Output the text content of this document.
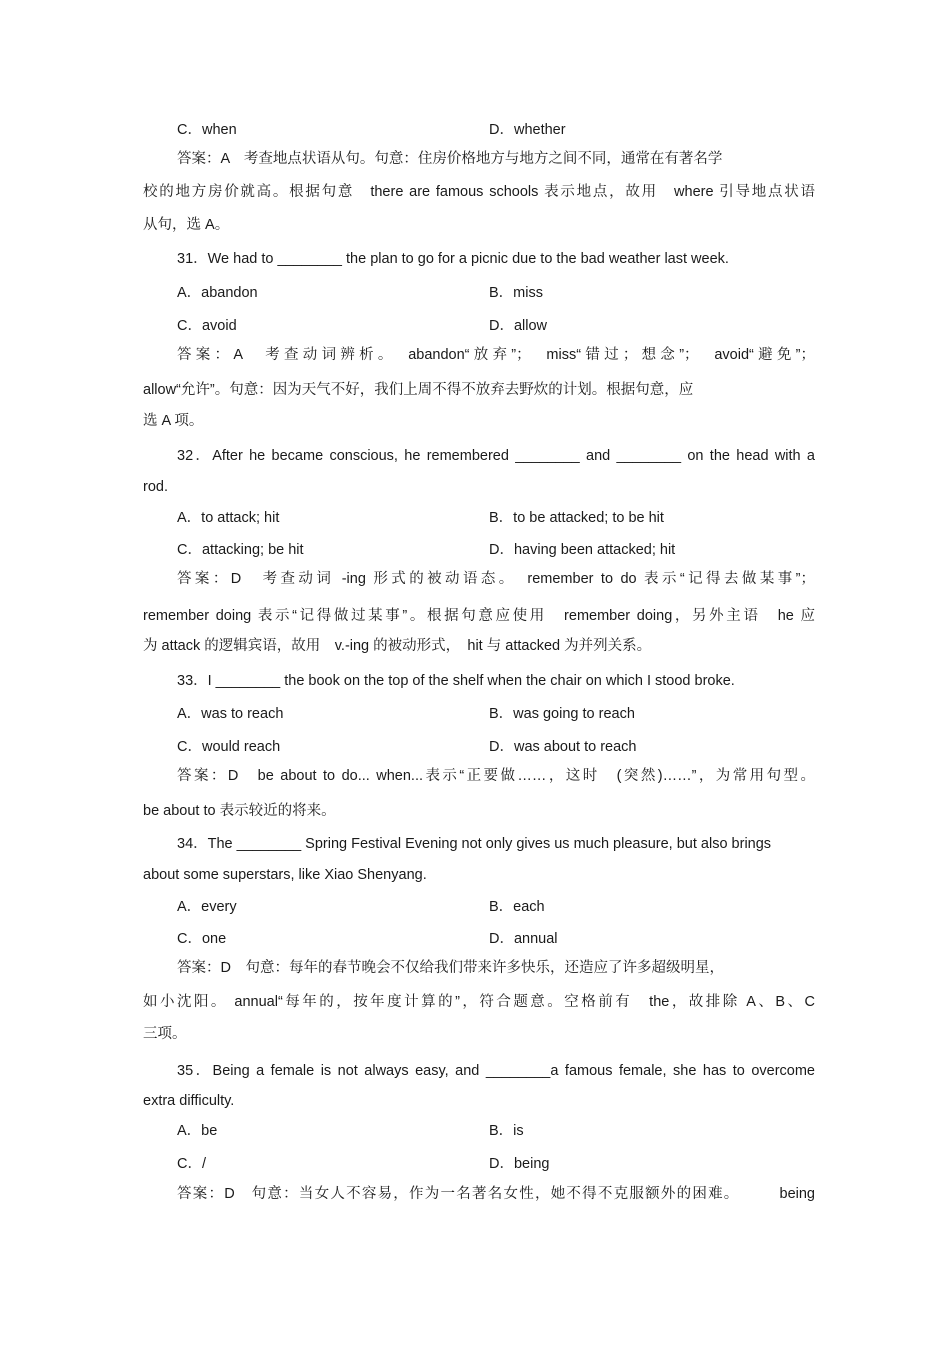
C．when	D．whether
答案：A　考查地点状语从句。句意：住房价格地方与地方之间不同，通常在有著名学
校的地方房价就高。根据句意　there are famous schools 表示地点，故用　where 引导地点状语
从句，选 A。
31．We had to ________ the plan to go for a picnic due to the bad weather last week.
A．abandon	B．miss
C．avoid	D．allow
答案：A　考查动词辨析。　abandon“放弃”；　miss“错过；想念”；　avoid“避免”；
allow“允许”。句意：因为天气不好，我们上周不得不放弃去野炊的计划。根据句意，应
选 A 项。
32．After he became conscious, he remembered ________ and ________ on the head with a
rod.
A．to attack; hit	B．to be attacked; to be hit
C．attacking; be hit	D．having been attacked; hit
答案：D　考查动词 -ing 形式的被动语态。　remember to do 表示“记得去做某事”；
remember doing 表示“记得做过某事”。根据句意应使用　remember doing，另外主语　he 应
为 attack 的逻辑宾语，故用　v.-ing 的被动形式，　hit 与 attacked 为并列关系。
33．I ________ the book on the top of the shelf when the chair on which I stood broke.
A．was to reach	B．was going to reach
C．would reach	D．was about to reach
答案：D　be about to do... when...表示“正要做……，这时　(突然)……”，为常用句型。
be about to 表示较近的将来。
34．The ________ Spring Festival Evening not only gives us much pleasure, but also brings
about some superstars, like Xiao Shenyang.
A．every	B．each
C．one	D．annual
答案：D　句意：每年的春节晚会不仅给我们带来许多快乐，还造应了许多超级明星，
如小沈阳。 annual“每年的，按年度计算的”，符合题意。空格前有　the，故排除 A、B、C
三项。
35．Being a female is not always easy, and ________a famous female, she has to overcome
extra difficulty.
A．be	B．is
C．/	D．being
答案：D　句意：当女人不容易，作为一名著名女性，她不得不克服额外的困难。　　　being
